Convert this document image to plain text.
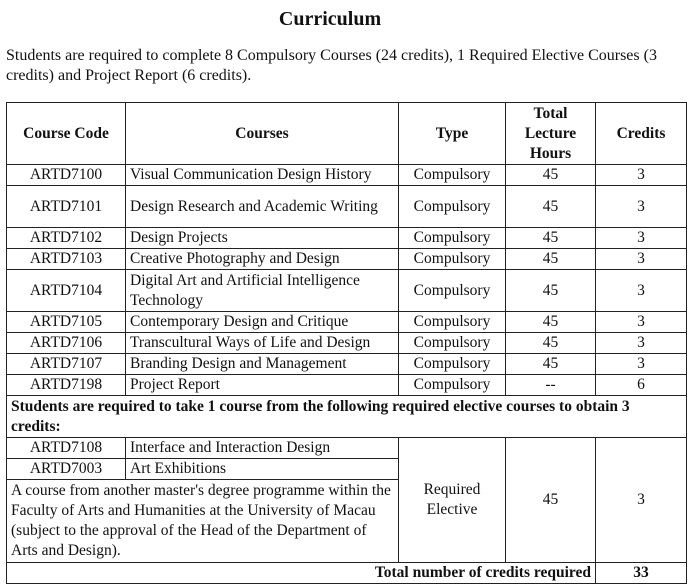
Curriculum
Students are required to complete 8 Compulsory Courses (24 credits), 1 Required Elective Courses (3 credits) and Project Report (6 credits).
Course Code	Courses	Type	Total Lecture Hours	Credits
ARTD7100	Visual Communication Design History	Compulsory	45	3
ARTD7101	Design Research and Academic Writing	Compulsory	45	3
ARTD7102	Design Projects	Compulsory	45	3
ARTD7103	Creative Photography and Design	Compulsory	45	3
ARTD7104	Digital Art and Artificial Intelligence Technology	Compulsory	45	3
ARTD7105	Contemporary Design and Critique	Compulsory	45	3
ARTD7106	Transcultural Ways of Life and Design	Compulsory	45	3
ARTD7107	Branding Design and Management	Compulsory	45	3
ARTD7198	Project Report	Compulsory	--	6
Students are required to take 1 course from the following required elective courses to obtain 3 credits:				
ARTD7108	Interface and Interaction Design	Required Elective	45	3
ARTD7003	Art Exhibitions			
A course from another master's degree programme within the Faculty of Arts and Humanities at the University of Macau (subject to the approval of the Head of the Department of Arts and Design).				
Total number of credits required				33
